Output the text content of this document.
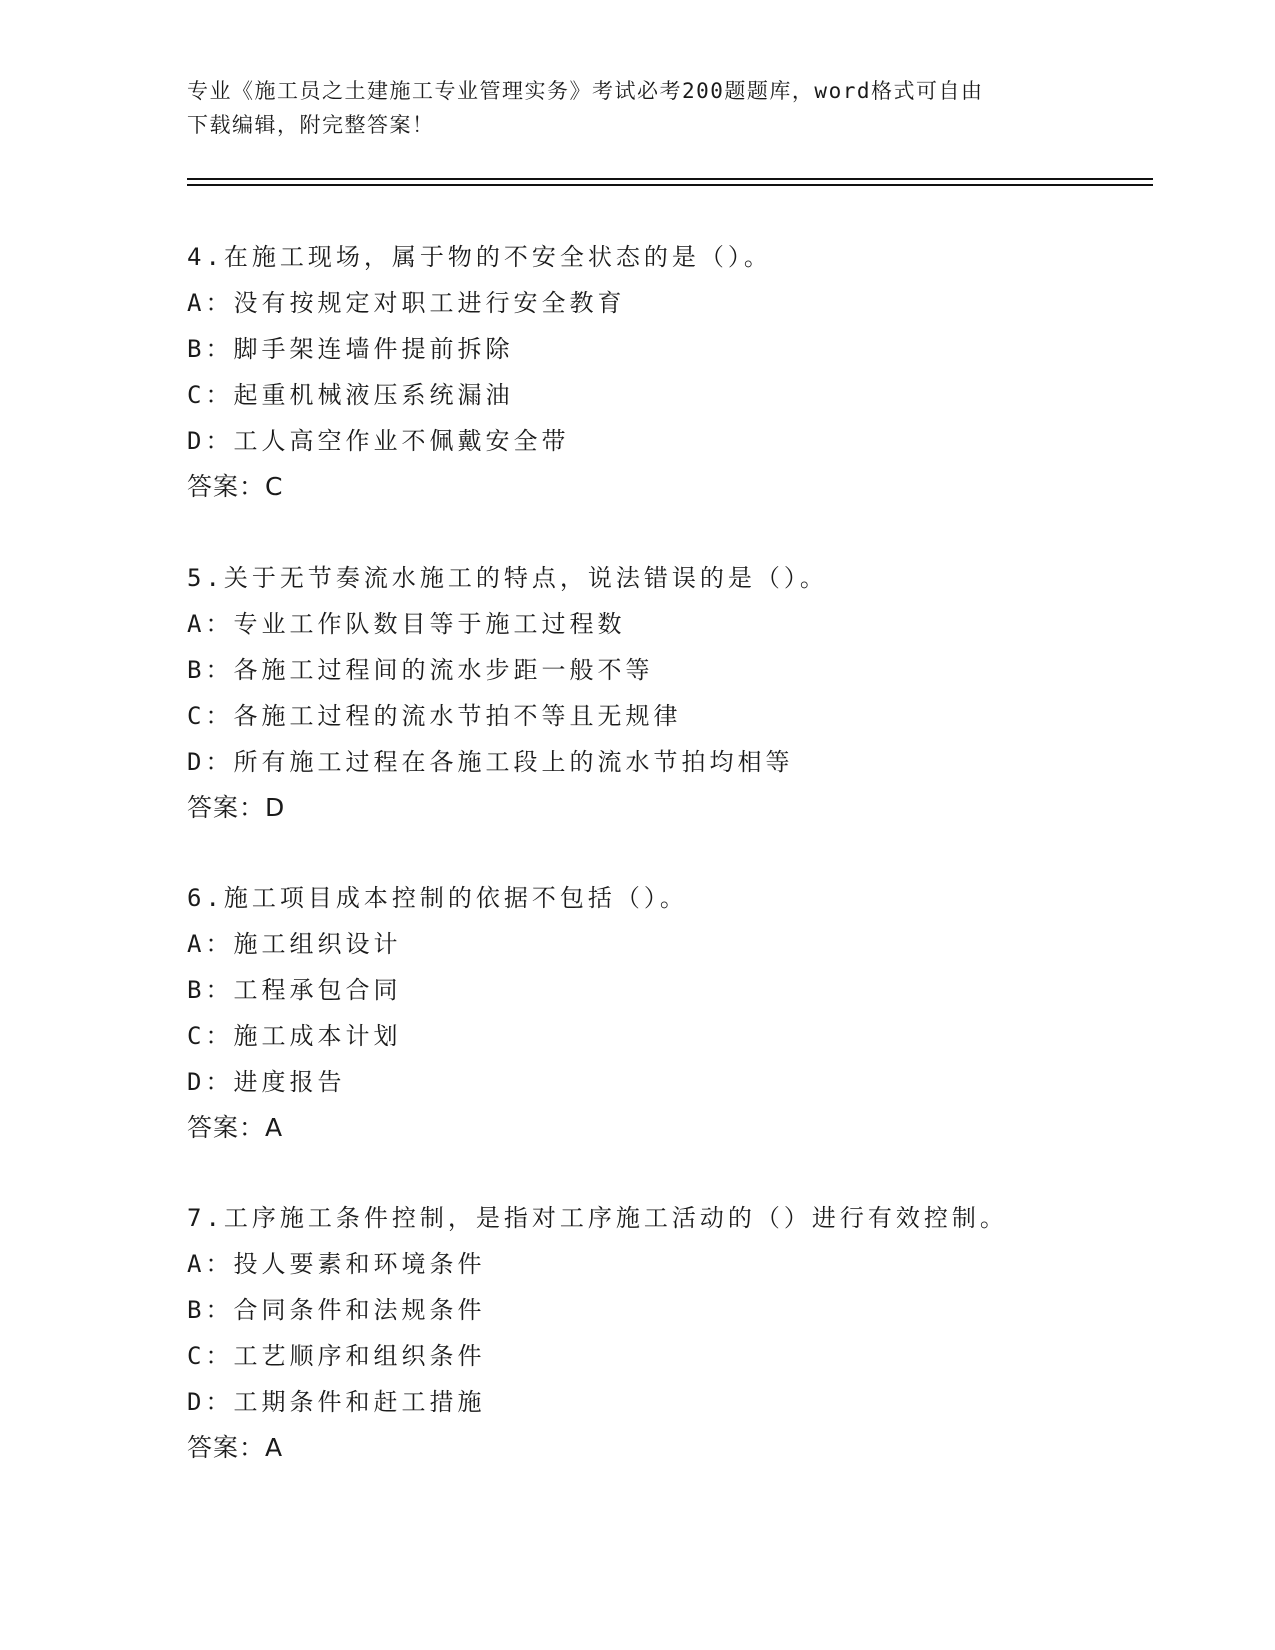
专业《施工员之土建施工专业管理实务》考试必考200题题库，word格式可自由
下载编辑，附完整答案！
4.在施工现场，属于物的不安全状态的是（）。
A：没有按规定对职工进行安全教育
B：脚手架连墙件提前拆除
C：起重机械液压系统漏油
D：工人高空作业不佩戴安全带
答案：C
5.关于无节奏流水施工的特点，说法错误的是（）。
A：专业工作队数目等于施工过程数
B：各施工过程间的流水步距一般不等
C：各施工过程的流水节拍不等且无规律
D：所有施工过程在各施工段上的流水节拍均相等
答案：D
6.施工项目成本控制的依据不包括（）。
A：施工组织设计
B：工程承包合同
C：施工成本计划
D：进度报告
答案：A
7.工序施工条件控制，是指对工序施工活动的（）进行有效控制。
A：投人要素和环境条件
B：合同条件和法规条件
C：工艺顺序和组织条件
D：工期条件和赶工措施
答案：A
